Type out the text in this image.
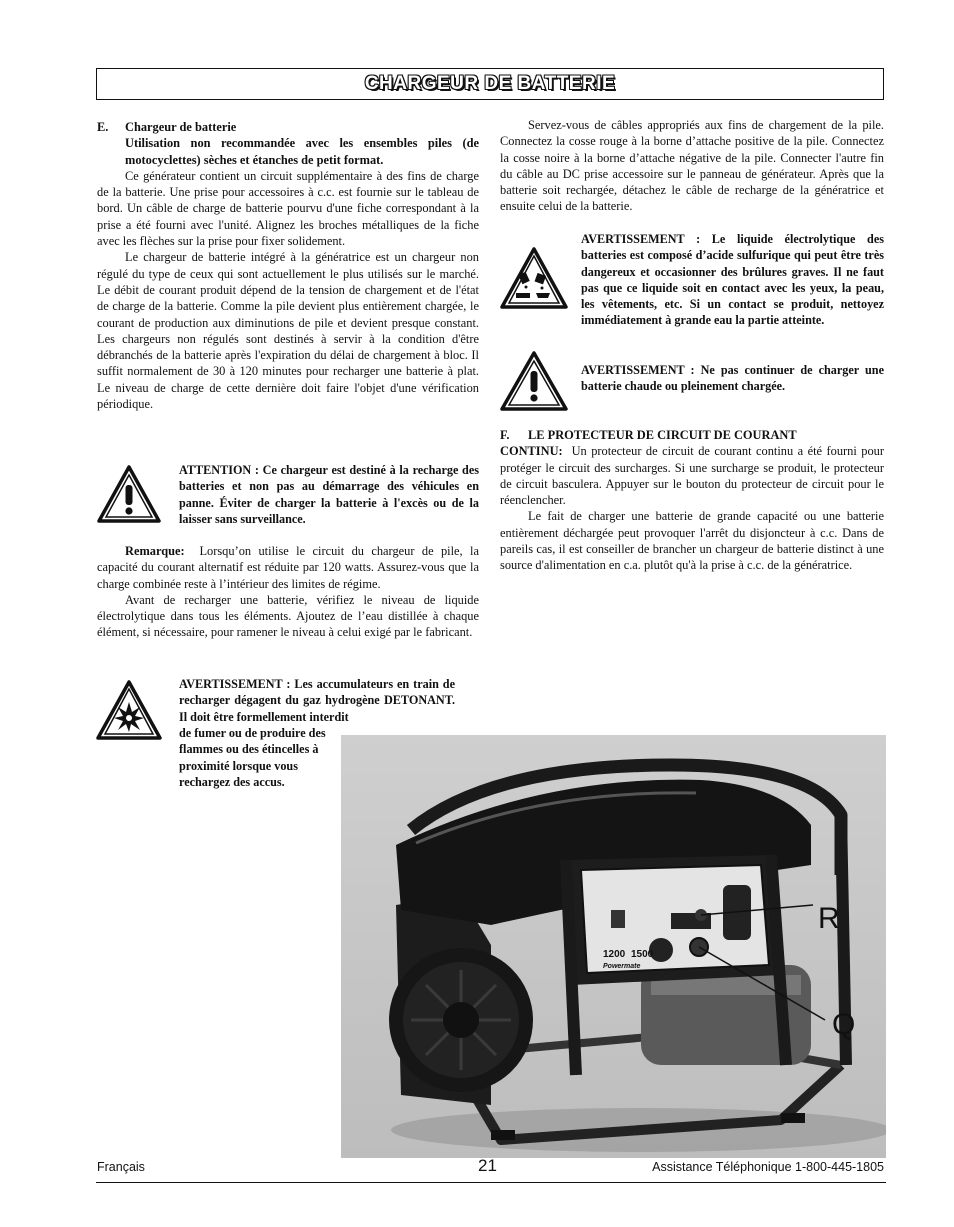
CHARGEUR DE BATTERIE

E. Chargeur de batterie

Utilisation non recommandée avec les ensembles piles (de motocyclettes) sèches et étanches de petit format.

Ce générateur contient un circuit supplémentaire à des fins de charge de la batterie. Une prise pour accessoires à c.c. est fournie sur le tableau de bord. Un câble de charge de batterie pourvu d'une fiche correspondant à la prise a été fourni avec l'unité. Alignez les broches métalliques de la fiche avec les flèches sur la prise pour fixer solidement.

Le chargeur de batterie intégré à la génératrice est un chargeur non régulé du type de ceux qui sont actuellement le plus utilisés sur le marché. Le débit de courant produit dépend de la tension de chargement et de l'état de charge de la batterie. Comme la pile devient plus entièrement chargée, le courant de production aux diminutions de pile et devient presque constant. Les chargeurs non régulés sont destinés à servir à la condition d'être débranchés de la batterie après l'expiration du délai de chargement à bloc. Il suffit normalement de 30 à 120 minutes pour recharger une batterie à plat. Le niveau de charge de cette dernière doit faire l'objet d'une vérification périodique.

ATTENTION : Ce chargeur est destiné à la recharge des batteries et non pas au démarrage des véhicules en panne. Éviter de charger la batterie à l'excès ou de la laisser sans surveillance.

Remarque: Lorsqu’on utilise le circuit du chargeur de pile, la capacité du courant alternatif est réduite par 120 watts. Assurez-vous que la charge combinée reste à l’intérieur des limites de régime.

Avant de recharger une batterie, vérifiez le niveau de liquide électrolytique dans tous les éléments. Ajoutez de l’eau distillée à chaque élément, si nécessaire, pour ramener le niveau à celui exigé par le fabricant.

AVERTISSEMENT : Les accumulateurs en train de recharger dégagent du gaz hydrogène DETONANT. Il doit être formellement interdit
de fumer ou de produire des flammes ou des étincelles à proximité lorsque vous rechargez des accus.

Servez-vous de câbles appropriés aux fins de chargement de la pile. Connectez la cosse rouge à la borne d’attache positive de la pile. Connectez la cosse noire à la borne d’attache négative de la pile. Connecter l'autre fin du câble au DC prise accessoire sur le panneau de générateur. Après que la batterie soit rechargée, détachez le câble de recharge de la génératrice et ensuite celui de la batterie.

AVERTISSEMENT : Le liquide électrolytique des batteries est composé d’acide sulfurique qui peut être très dangereux et occasionner des brûlures graves. Il ne faut pas que ce liquide soit en contact avec les yeux, la peau, les vêtements, etc. Si un contact se produit, nettoyez immédiatement à grande eau la partie atteinte.
AVERTISSEMENT : Ne pas continuer de charger une batterie chaude ou pleinement chargée.

F. LE PROTECTEUR DE CIRCUIT DE COURANT

CONTINU: Un protecteur de circuit de courant continu a été fourni pour protéger le circuit des surcharges. Si une surcharge se produit, le protecteur de circuit basculera. Appuyer sur le bouton du protecteur de circuit pour le réenclencher.

Le fait de charger une batterie de grande capacité ou une batterie entièrement déchargée peut provoquer l'arrêt du disjoncteur à c.c. Dans de pareils cas, il est conseiller de brancher un chargeur de batterie distinct à une source d'alimentation en c.a. plutôt qu'à la prise à c.c. de la génératrice.

1200 1500
Powermate
R
Q
Français	21	Assistance Téléphonique 1-800-445-1805
